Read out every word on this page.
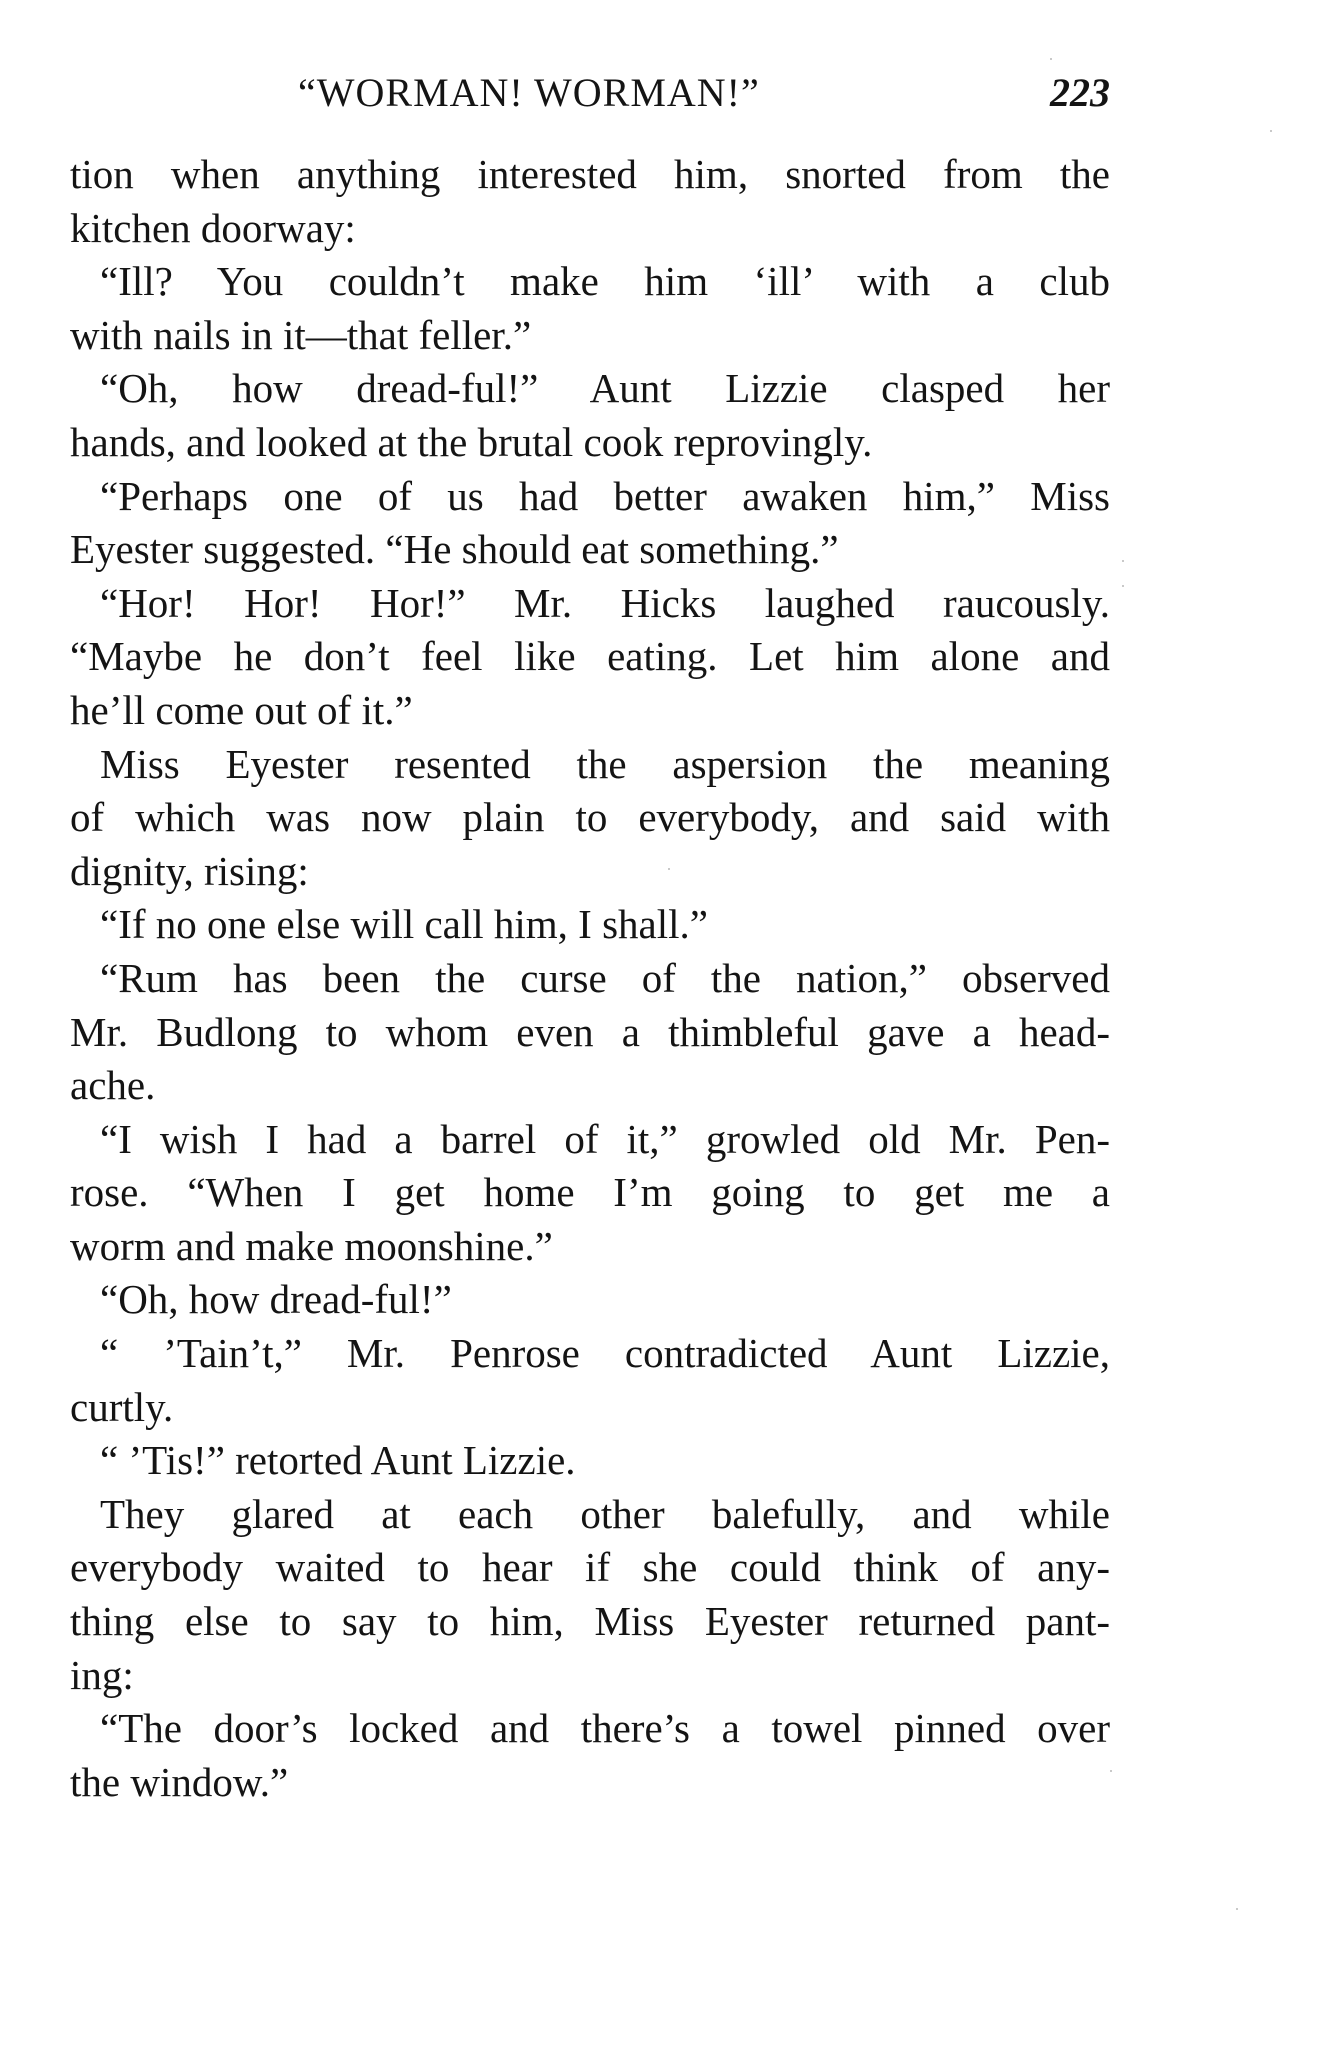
“WORMAN! WORMAN!”	223
tion when anything interested him, snorted from the
kitchen doorway:
“Ill? You couldn’t make him ‘ill’ with a club
with nails in it—that feller.”
“Oh, how dread-ful!” Aunt Lizzie clasped her
hands, and looked at the brutal cook reprovingly.
“Perhaps one of us had better awaken him,” Miss
Eyester suggested. “He should eat something.”
“Hor! Hor! Hor!” Mr. Hicks laughed raucously.
“Maybe he don’t feel like eating. Let him alone and
he’ll come out of it.”
Miss Eyester resented the aspersion the meaning
of which was now plain to everybody, and said with
dignity, rising:
“If no one else will call him, I shall.”
“Rum has been the curse of the nation,” observed
Mr. Budlong to whom even a thimbleful gave a head-
ache.
“I wish I had a barrel of it,” growled old Mr. Pen-
rose. “When I get home I’m going to get me a
worm and make moonshine.”
“Oh, how dread-ful!”
“ ’Tain’t,” Mr. Penrose contradicted Aunt Lizzie,
curtly.
“ ’Tis!” retorted Aunt Lizzie.
They glared at each other balefully, and while
everybody waited to hear if she could think of any-
thing else to say to him, Miss Eyester returned pant-
ing:
“The door’s locked and there’s a towel pinned over
the window.”
